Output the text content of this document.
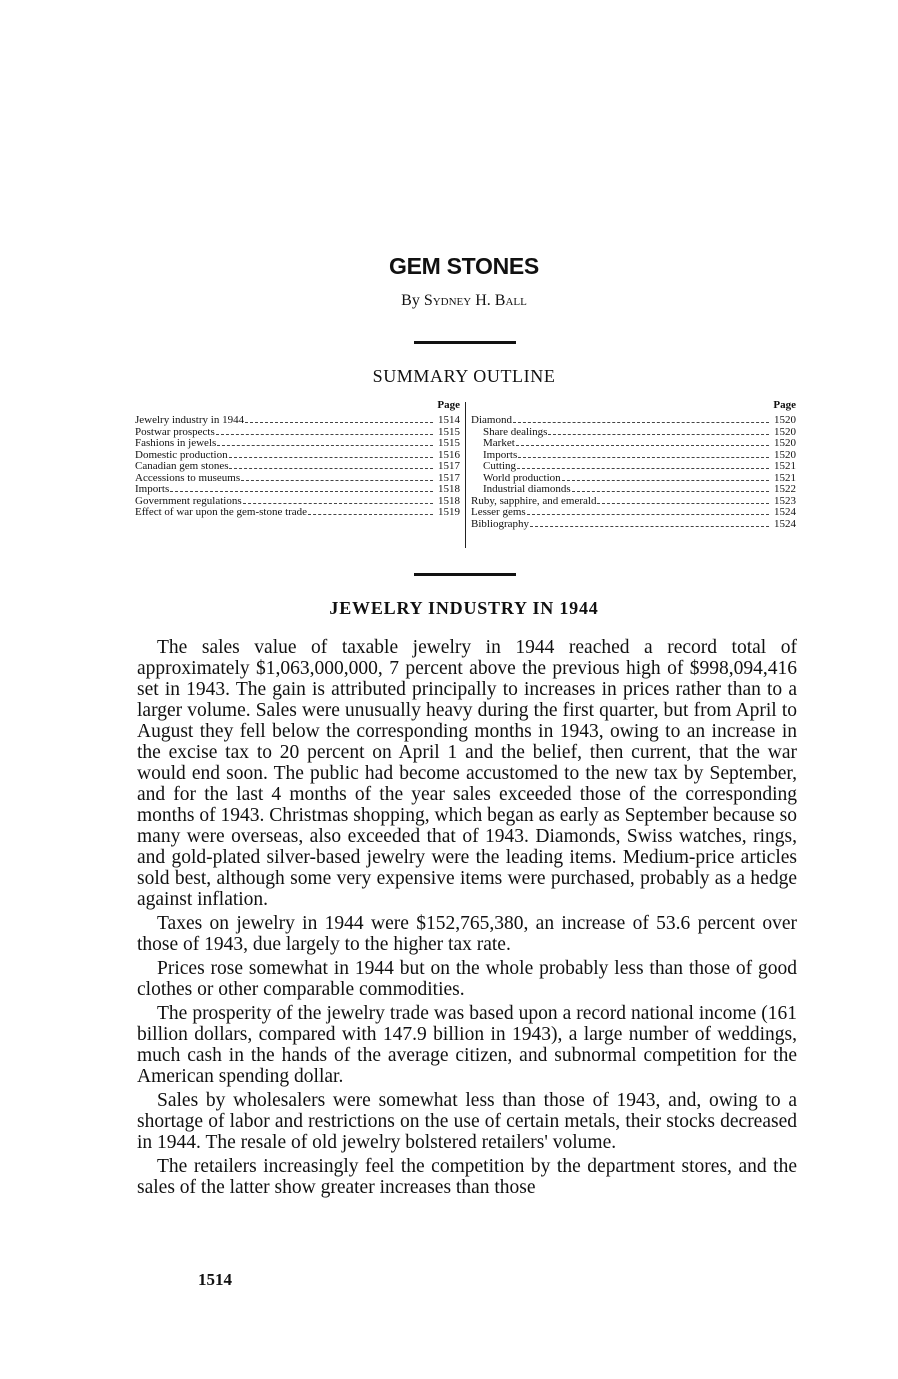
GEM STONES
By Sydney H. Ball
SUMMARY OUTLINE
Page
Jewelry industry in 1944	1514
Postwar prospects	1515
Fashions in jewels	1515
Domestic production	1516
Canadian gem stones	1517
Accessions to museums	1517
Imports	1518
Government regulations	1518
Effect of war upon the gem-stone trade	1519
Page
Diamond	1520
Share dealings	1520
Market	1520
Imports	1520
Cutting	1521
World production	1521
Industrial diamonds	1522
Ruby, sapphire, and emerald	1523
Lesser gems	1524
Bibliography	1524
JEWELRY INDUSTRY IN 1944

The sales value of taxable jewelry in 1944 reached a record total of approximately $1,063,000,000, 7 percent above the previous high of $998,094,416 set in 1943. The gain is attributed principally to increases in prices rather than to a larger volume. Sales were unusually heavy during the first quarter, but from April to August they fell below the corresponding months in 1943, owing to an increase in the excise tax to 20 percent on April 1 and the belief, then current, that the war would end soon. The public had become accustomed to the new tax by September, and for the last 4 months of the year sales exceeded those of the corresponding months of 1943. Christmas shopping, which began as early as September because so many were overseas, also exceeded that of 1943. Diamonds, Swiss watches, rings, and gold-plated silver-based jewelry were the leading items. Medium-price articles sold best, although some very expensive items were purchased, probably as a hedge against inflation.

Taxes on jewelry in 1944 were $152,765,380, an increase of 53.6 percent over those of 1943, due largely to the higher tax rate.

Prices rose somewhat in 1944 but on the whole probably less than those of good clothes or other comparable commodities.

The prosperity of the jewelry trade was based upon a record national income (161 billion dollars, compared with 147.9 billion in 1943), a large number of weddings, much cash in the hands of the average citizen, and subnormal competition for the American spending dollar.

Sales by wholesalers were somewhat less than those of 1943, and, owing to a shortage of labor and restrictions on the use of certain metals, their stocks decreased in 1944. The resale of old jewelry bolstered retailers' volume.

The retailers increasingly feel the competition by the department stores, and the sales of the latter show greater increases than those

1514
